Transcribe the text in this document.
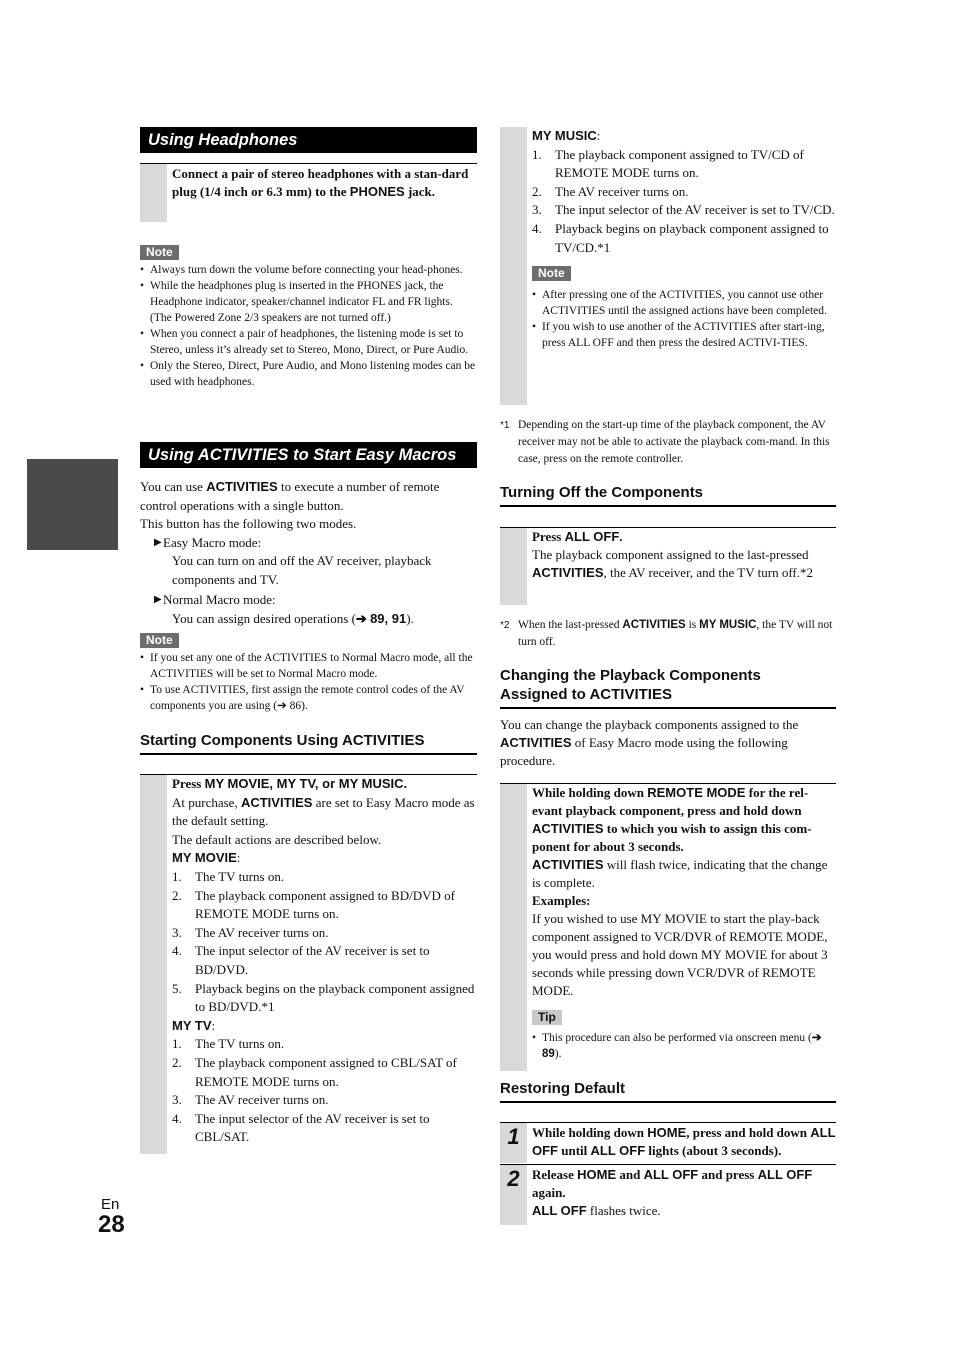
En
28
Using Headphones
Connect a pair of stereo headphones with a stan-dard plug (1/4 inch or 6.3 mm) to the PHONES jack.
Note
• Always turn down the volume before connecting your head-phones.
• While the headphones plug is inserted in the PHONES jack, the Headphone indicator, speaker/channel indicator FL and FR lights. (The Powered Zone 2/3 speakers are not turned off.)
• When you connect a pair of headphones, the listening mode is set to Stereo, unless it’s already set to Stereo, Mono, Direct, or Pure Audio.
• Only the Stereo, Direct, Pure Audio, and Mono listening modes can be used with headphones.
Using ACTIVITIES to Start Easy Macros

You can use ACTIVITIES to execute a number of remote control operations with a single button.

This button has the following two modes.

▶ Easy Macro mode:

You can turn on and off the AV receiver, playback components and TV.

▶ Normal Macro mode:

You can assign desired operations (➔ 89, 91).

Note
• If you set any one of the ACTIVITIES to Normal Macro mode, all the ACTIVITIES will be set to Normal Macro mode.
• To use ACTIVITIES, first assign the remote control codes of the AV components you are using (➔ 86).
Starting Components Using ACTIVITIES

Press MY MOVIE, MY TV, or MY MUSIC.

At purchase, ACTIVITIES are set to Easy Macro mode as the default setting.

The default actions are described below.

MY MOVIE:

1. The TV turns on.
2. The playback component assigned to BD/DVD of REMOTE MODE turns on.
3. The AV receiver turns on.
4. The input selector of the AV receiver is set to BD/DVD.
5. Playback begins on the playback component assigned to BD/DVD.*1

MY TV:

1. The TV turns on.
2. The playback component assigned to CBL/SAT of REMOTE MODE turns on.
3. The AV receiver turns on.
4. The input selector of the AV receiver is set to CBL/SAT.

MY MUSIC:

1. The playback component assigned to TV/CD of REMOTE MODE turns on.
2. The AV receiver turns on.
3. The input selector of the AV receiver is set to TV/CD.
4. Playback begins on playback component assigned to TV/CD.*1
Note
• After pressing one of the ACTIVITIES, you cannot use other ACTIVITIES until the assigned actions have been completed.
• If you wish to use another of the ACTIVITIES after start-ing, press ALL OFF and then press the desired ACTIVI-TIES.
*1 Depending on the start-up time of the playback component, the AV receiver may not be able to activate the playback com-mand. In this case, press on the remote controller.
Turning Off the Components

Press ALL OFF.

The playback component assigned to the last-pressed ACTIVITIES, the AV receiver, and the TV turn off.*2

*2 When the last-pressed ACTIVITIES is MY MUSIC, the TV will not turn off.
Changing the Playback Components
Assigned to ACTIVITIES
You can change the playback components assigned to the ACTIVITIES of Easy Macro mode using the following procedure.

While holding down REMOTE MODE for the rel-evant playback component, press and hold down ACTIVITIES to which you wish to assign this com-ponent for about 3 seconds.

ACTIVITIES will flash twice, indicating that the change is complete.

Examples:

If you wished to use MY MOVIE to start the play-back component assigned to VCR/DVR of REMOTE MODE, you would press and hold down MY MOVIE for about 3 seconds while pressing down VCR/DVR of REMOTE MODE.

Tip
• This procedure can also be performed via onscreen menu (➔ 89).
Restoring Default
1 While holding down HOME, press and hold down ALL OFF until ALL OFF lights (about 3 seconds).
2 Release HOME and ALL OFF and press ALL OFF again.

ALL OFF flashes twice.
